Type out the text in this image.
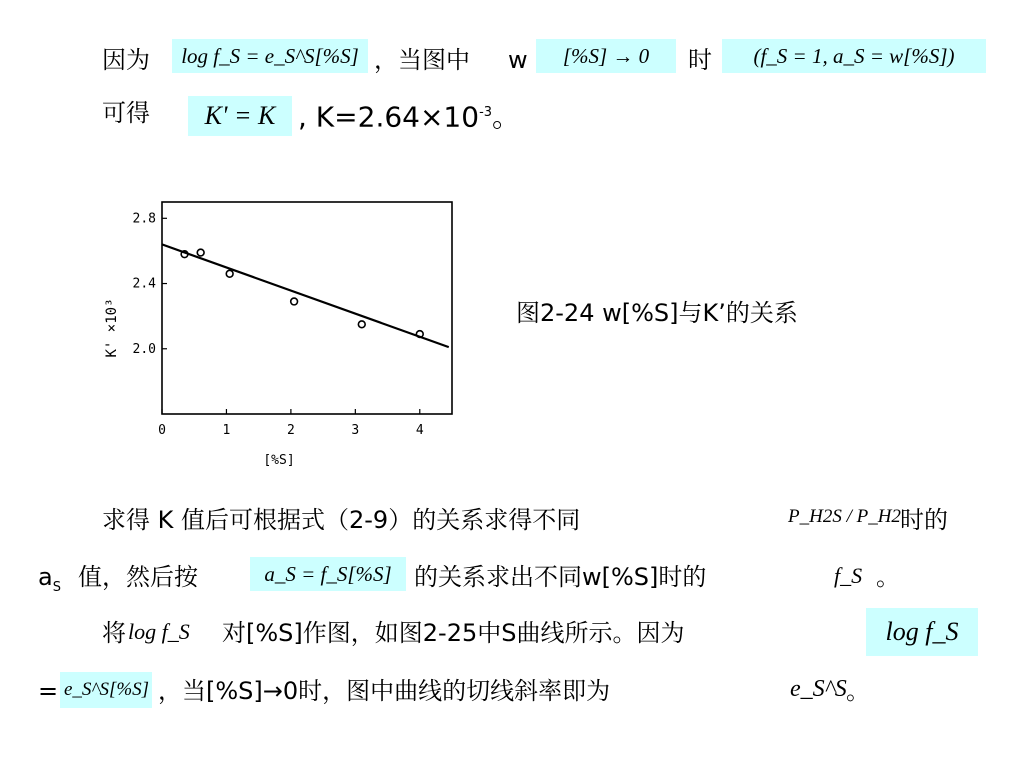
因为	log f_S = e_S^S[%S] ，当图中 w	[%S] → 0	时	(f_S = 1, a_S = w[%S])
可得	K' = K , $K=2.64\times 10^{-3}$。
0	1	2	3	4
2.8
2.4
2.0
[%S]
K' ×10³	图2-24 w[%S]与K’的关系
求得 K 值后可根据式（2-9）的关系求得不同	P_H2S / P_H2 时的
$a_S$ 值，然后按	a_S = f_S[%S] 的关系求出不同w[%S]时的	f_S 。
将 log f_S 对[%S]作图，如图2-25中S曲线所示。因为	log f_S
= e_S^S[%S] ，当[%S]→0时，图中曲线的切线斜率即为	e_S^S 。
